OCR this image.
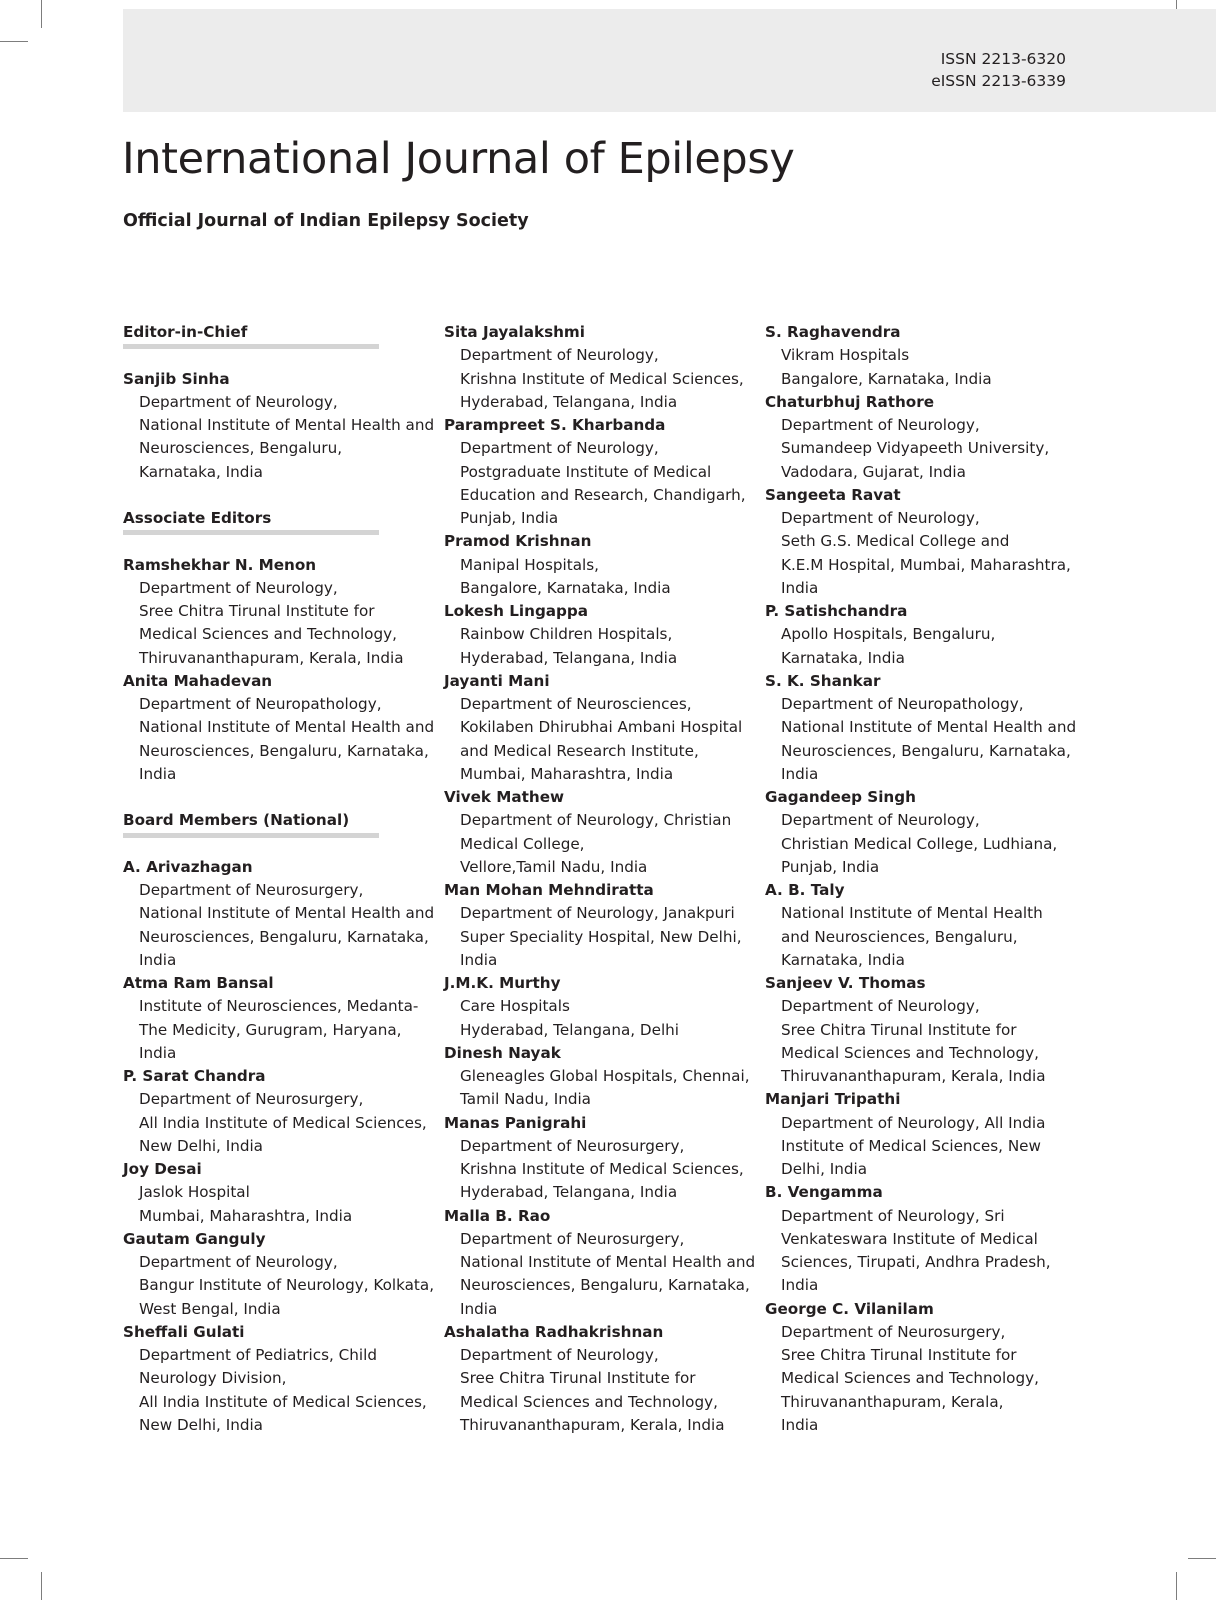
ISSN 2213-6320
eISSN 2213-6339
International Journal of Epilepsy
Official Journal of Indian Epilepsy Society
Editor-in-Chief
Sanjib Sinha
Department of Neurology,
National Institute of Mental Health and
Neurosciences, Bengaluru,
Karnataka, India
Associate Editors
Ramshekhar N. Menon
Department of Neurology,
Sree Chitra Tirunal Institute for
Medical Sciences and Technology,
Thiruvananthapuram, Kerala, India
Anita Mahadevan
Department of Neuropathology,
National Institute of Mental Health and
Neurosciences, Bengaluru, Karnataka,
India
Board Members (National)
A. Arivazhagan
Department of Neurosurgery,
National Institute of Mental Health and
Neurosciences, Bengaluru, Karnataka,
India
Atma Ram Bansal
Institute of Neurosciences, Medanta-
The Medicity, Gurugram, Haryana,
India
P. Sarat Chandra
Department of Neurosurgery,
All India Institute of Medical Sciences,
New Delhi, India
Joy Desai
Jaslok Hospital
Mumbai, Maharashtra, India
Gautam Ganguly
Department of Neurology,
Bangur Institute of Neurology, Kolkata,
West Bengal, India
Sheffali Gulati
Department of Pediatrics, Child
Neurology Division,
All India Institute of Medical Sciences,
New Delhi, India
Sita Jayalakshmi
Department of Neurology,
Krishna Institute of Medical Sciences,
Hyderabad, Telangana, India
Parampreet S. Kharbanda
Department of Neurology,
Postgraduate Institute of Medical
Education and Research, Chandigarh,
Punjab, India
Pramod Krishnan
Manipal Hospitals,
Bangalore, Karnataka, India
Lokesh Lingappa
Rainbow Children Hospitals,
Hyderabad, Telangana, India
Jayanti Mani
Department of Neurosciences,
Kokilaben Dhirubhai Ambani Hospital
and Medical Research Institute,
Mumbai, Maharashtra, India
Vivek Mathew
Department of Neurology, Christian
Medical College,
Vellore,Tamil Nadu, India
Man Mohan Mehndiratta
Department of Neurology, Janakpuri
Super Speciality Hospital, New Delhi,
India
J.M.K. Murthy
Care Hospitals
Hyderabad, Telangana, Delhi
Dinesh Nayak
Gleneagles Global Hospitals, Chennai,
Tamil Nadu, India
Manas Panigrahi
Department of Neurosurgery,
Krishna Institute of Medical Sciences,
Hyderabad, Telangana, India
Malla B. Rao
Department of Neurosurgery,
National Institute of Mental Health and
Neurosciences, Bengaluru, Karnataka,
India
Ashalatha Radhakrishnan
Department of Neurology,
Sree Chitra Tirunal Institute for
Medical Sciences and Technology,
Thiruvananthapuram, Kerala, India
S. Raghavendra
Vikram Hospitals
Bangalore, Karnataka, India
Chaturbhuj Rathore
Department of Neurology,
Sumandeep Vidyapeeth University,
Vadodara, Gujarat, India
Sangeeta Ravat
Department of Neurology,
Seth G.S. Medical College and
K.E.M Hospital, Mumbai, Maharashtra,
India
P. Satishchandra
Apollo Hospitals, Bengaluru,
Karnataka, India
S. K. Shankar
Department of Neuropathology,
National Institute of Mental Health and
Neurosciences, Bengaluru, Karnataka,
India
Gagandeep Singh
Department of Neurology,
Christian Medical College, Ludhiana,
Punjab, India
A. B. Taly
National Institute of Mental Health
and Neurosciences, Bengaluru,
Karnataka, India
Sanjeev V. Thomas
Department of Neurology,
Sree Chitra Tirunal Institute for
Medical Sciences and Technology,
Thiruvananthapuram, Kerala, India
Manjari Tripathi
Department of Neurology, All India
Institute of Medical Sciences, New
Delhi, India
B. Vengamma
Department of Neurology, Sri
Venkateswara Institute of Medical
Sciences, Tirupati, Andhra Pradesh,
India
George C. Vilanilam
Department of Neurosurgery,
Sree Chitra Tirunal Institute for
Medical Sciences and Technology,
Thiruvananthapuram, Kerala,
India
